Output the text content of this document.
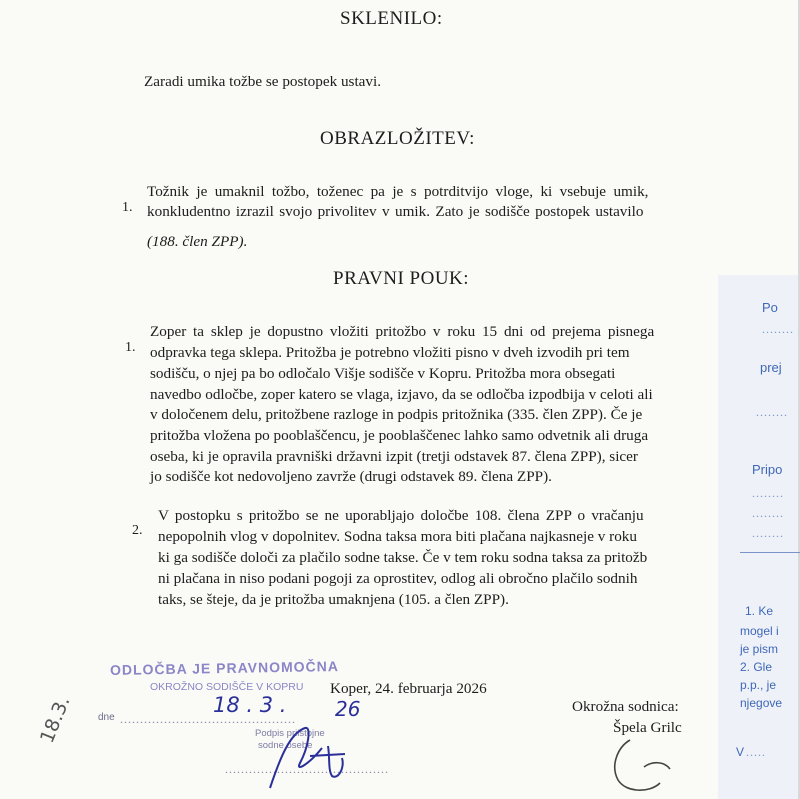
SKLENILO:
Zaradi umika tožbe se postopek ustavi.
OBRAZLOŽITEV:
1.
Tožnik je umaknil tožbo, toženec pa je s potrditvijo vloge, ki vsebuje umik,
konkludentno izrazil svojo privolitev v umik. Zato je sodišče postopek ustavilo
(188. člen ZPP).
PRAVNI POUK:
1.
Zoper ta sklep je dopustno vložiti pritožbo v roku 15 dni od prejema pisnega
odpravka tega sklepa. Pritožba je potrebno vložiti pisno v dveh izvodih pri tem
sodišču, o njej pa bo odločalo Višje sodišče v Kopru. Pritožba mora obsegati
navedbo odločbe, zoper katero se vlaga, izjavo, da se odločba izpodbija v celoti ali
v določenem delu, pritožbene razloge in podpis pritožnika (335. člen ZPP). Če je
pritožba vložena po pooblaščencu, je pooblaščenec lahko samo odvetnik ali druga
oseba, ki je opravila pravniški državni izpit (tretji odstavek 87. člena ZPP), sicer
jo sodišče kot nedovoljeno zavrže (drugi odstavek 89. člena ZPP).
2.
V postopku s pritožbo se ne uporabljajo določbe 108. člena ZPP o vračanju
nepopolnih vlog v dopolnitev. Sodna taksa mora biti plačana najkasneje v roku
ki ga sodišče določi za plačilo sodne takse. Če v tem roku sodna taksa za pritožb
ni plačana in niso podani pogoji za oprostitev, odlog ali obročno plačilo sodnih
taks, se šteje, da je pritožba umaknjena (105. a člen ZPP).
Koper, 24. februarja 2026
Okrožna sodnica:
Špela Grilc
ODLOČBA JE PRAVNOMOČNA
OKROŽNO SODIŠČE V KOPRU
dne ............................................
Podpis priistojne
sodne osebe
.........................................
18 . 3 . 26
18.3.
Po
........
prej
........
Pripo
........
........
........
1. Ke
mogel i
je pism
2. Gle
p.p., je
njegove
V .....
